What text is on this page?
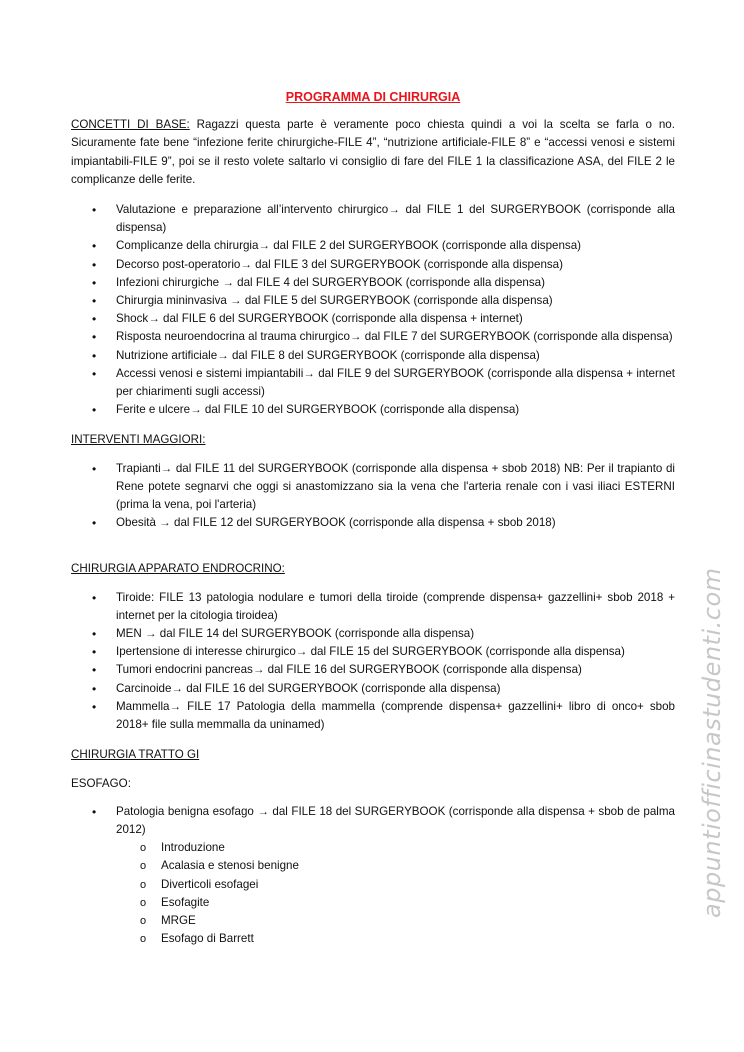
PROGRAMMA DI CHIRURGIA

CONCETTI DI BASE: Ragazzi questa parte è veramente poco chiesta quindi a voi la scelta se farla o no. Sicuramente fate bene “infezione ferite chirurgiche-FILE 4”, “nutrizione artificiale-FILE 8” e “accessi venosi e sistemi impiantabili-FILE 9”, poi se il resto volete saltarlo vi consiglio di fare del FILE 1 la classificazione ASA, del FILE 2 le complicanze delle ferite.

• Valutazione e preparazione all’intervento chirurgico→ dal FILE 1 del SURGERYBOOK (corrisponde alla dispensa)
• Complicanze della chirurgia→ dal FILE 2 del SURGERYBOOK (corrisponde alla dispensa)
• Decorso post-operatorio→ dal FILE 3 del SURGERYBOOK (corrisponde alla dispensa)
• Infezioni chirurgiche → dal FILE 4 del SURGERYBOOK (corrisponde alla dispensa)
• Chirurgia mininvasiva → dal FILE 5 del SURGERYBOOK (corrisponde alla dispensa)
• Shock→ dal FILE 6 del SURGERYBOOK (corrisponde alla dispensa + internet)
• Risposta neuroendocrina al trauma chirurgico→ dal FILE 7 del SURGERYBOOK (corrisponde alla dispensa)
• Nutrizione artificiale→ dal FILE 8 del SURGERYBOOK (corrisponde alla dispensa)
• Accessi venosi e sistemi impiantabili→ dal FILE 9 del SURGERYBOOK (corrisponde alla dispensa + internet per chiarimenti sugli accessi)
• Ferite e ulcere→ dal FILE 10 del SURGERYBOOK (corrisponde alla dispensa)
INTERVENTI MAGGIORI:
• Trapianti→ dal FILE 11 del SURGERYBOOK (corrisponde alla dispensa + sbob 2018) NB: Per il trapianto di Rene potete segnarvi che oggi si anastomizzano sia la vena che l'arteria renale con i vasi iliaci ESTERNI (prima la vena, poi l'arteria)
• Obesità → dal FILE 12 del SURGERYBOOK (corrisponde alla dispensa + sbob 2018)
CHIRURGIA APPARATO ENDROCRINO:
• Tiroide: FILE 13 patologia nodulare e tumori della tiroide (comprende dispensa+ gazzellini+ sbob 2018 + internet per la citologia tiroidea)
• MEN → dal FILE 14 del SURGERYBOOK (corrisponde alla dispensa)
• Ipertensione di interesse chirurgico→ dal FILE 15 del SURGERYBOOK (corrisponde alla dispensa)
• Tumori endocrini pancreas→ dal FILE 16 del SURGERYBOOK (corrisponde alla dispensa)
• Carcinoide→ dal FILE 16 del SURGERYBOOK (corrisponde alla dispensa)
• Mammella→ FILE 17 Patologia della mammella (comprende dispensa+ gazzellini+ libro di onco+ sbob 2018+ file sulla memmalla da uninamed)
CHIRURGIA TRATTO GI
ESOFAGO:
• Patologia benigna esofago → dal FILE 18 del SURGERYBOOK (corrisponde alla dispensa + sbob de palma 2012)
o Introduzione
o Acalasia e stenosi benigne
o Diverticoli esofagei
o Esofagite
o MRGE
o Esofago di Barrett
appuntiofficinastudenti.com
